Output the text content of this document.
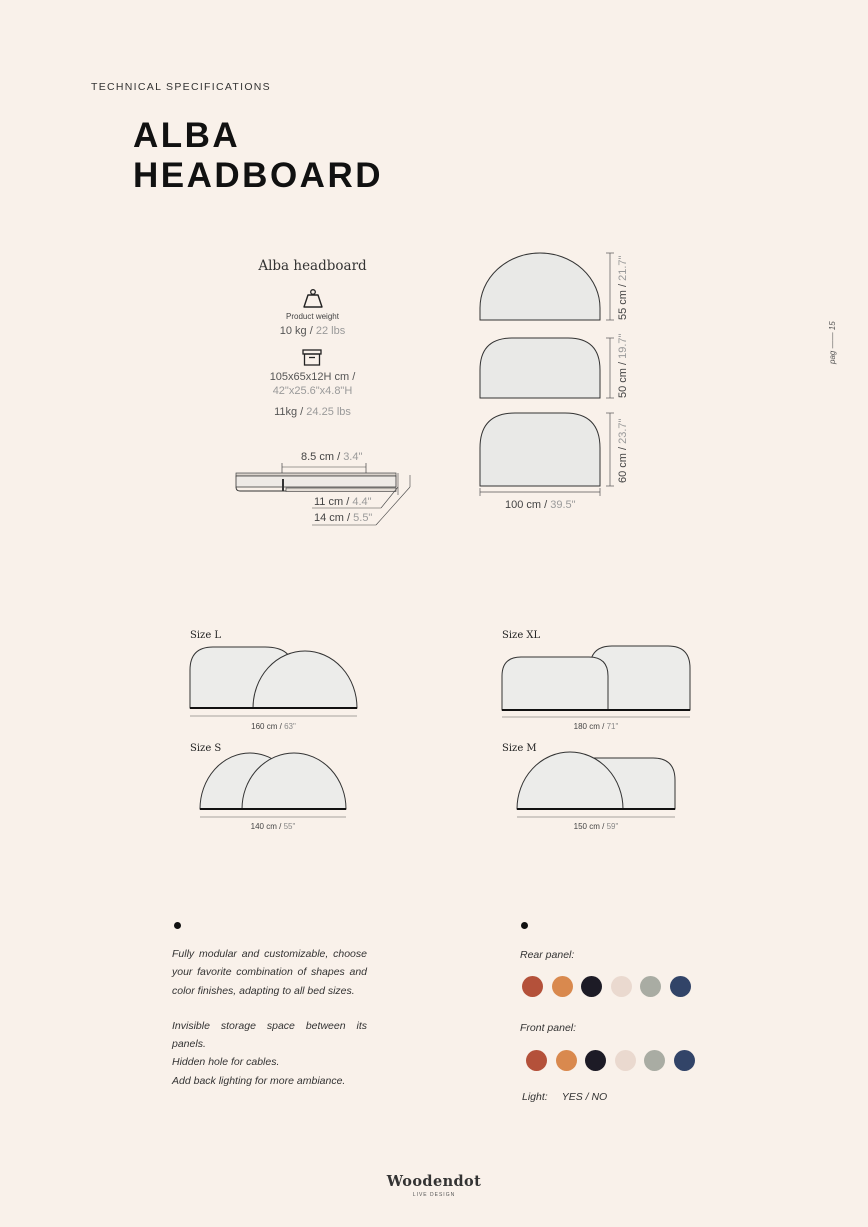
TECHNICAL SPECIFICATIONS
ALBA
HEADBOARD
pag —— 15
Alba headboard
Product weight
10 kg / 22 lbs
105x65x12H cm /
42"x25.6"x4.8"H
11kg / 24.25 lbs
8.5 cm / 3.4"
11 cm / 4.4"
14 cm / 5.5"
55 cm / 21.7"
50 cm / 19.7"
60 cm / 23.7"
100 cm / 39.5"
Size L
160 cm / 63"
Size XL
180 cm / 71"
Size S
140 cm / 55"
Size M
150 cm / 59"

Fully modular and customizable, choose your favorite combination of shapes and color finishes, adapting to all bed sizes.

Invisible storage space between its panels.
Hidden hole for cables.
Add back lighting for more ambiance.
Rear panel:
Front panel:
Light: YES / NO
Woodendot
LIVE DESIGN
